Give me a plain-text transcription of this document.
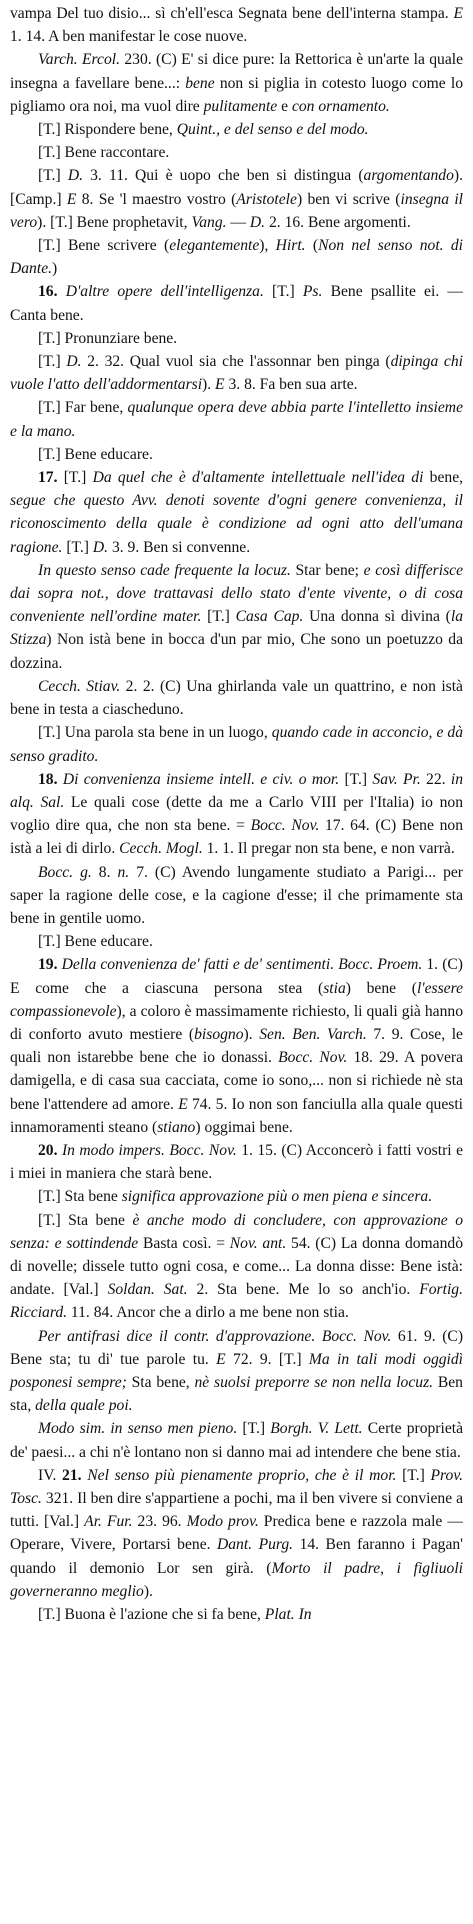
vampa Del tuo disio... sì ch'ell'esca Segnata bene dell'interna stampa. E 1. 14. A ben manifestar le cose nuove.

Varch. Ercol. 230. (C) E' si dice pure: la Rettorica è un'arte la quale insegna a favellare bene...: bene non si piglia in cotesto luogo come lo pigliamo ora noi, ma vuol dire pulitamente e con ornamento.

[T.] Rispondere bene, Quint., e del senso e del modo.

[T.] Bene raccontare.

[T.] D. 3. 11. Qui è uopo che ben si distingua (argomentando). [Camp.] E 8. Se 'l maestro vostro (Aristotele) ben vi scrive (insegna il vero). [T.] Bene prophetavit, Vang. — D. 2. 16. Bene argomenti.

[T.] Bene scrivere (elegantemente), Hirt. (Non nel senso not. di Dante.)

16. D'altre opere dell'intelligenza. [T.] Ps. Bene psallite ei. — Canta bene.

[T.] Pronunziare bene.

[T.] D. 2. 32. Qual vuol sia che l'assonnar ben pinga (dipinga chi vuole l'atto dell'addormentarsi). E 3. 8. Fa ben sua arte.

[T.] Far bene, qualunque opera deve abbia parte l'intelletto insieme e la mano.

[T.] Bene educare.

17. [T.] Da quel che è d'altamente intellettuale nell'idea di bene, segue che questo Avv. denoti sovente d'ogni genere convenienza, il riconoscimento della quale è condizione ad ogni atto dell'umana ragione. [T.] D. 3. 9. Ben si convenne.

In questo senso cade frequente la locuz. Star bene; e così differisce dai sopra not., dove trattavasi dello stato d'ente vivente, o di cosa conveniente nell'ordine mater. [T.] Casa Cap. Una donna sì divina (la Stizza) Non istà bene in bocca d'un par mio, Che sono un poetuzzo da dozzina.

Cecch. Stiav. 2. 2. (C) Una ghirlanda vale un quattrino, e non istà bene in testa a ciascheduno.

[T.] Una parola sta bene in un luogo, quando cade in acconcio, e dà senso gradito.

18. Di convenienza insieme intell. e civ. o mor. [T.] Sav. Pr. 22. in alq. Sal. Le quali cose (dette da me a Carlo VIII per l'Italia) io non voglio dire qua, che non sta bene. = Bocc. Nov. 17. 64. (C) Bene non istà a lei di dirlo. Cecch. Mogl. 1. 1. Il pregar non sta bene, e non varrà.

Bocc. g. 8. n. 7. (C) Avendo lungamente studiato a Parigi... per saper la ragione delle cose, e la cagione d'esse; il che primamente sta bene in gentile uomo.

[T.] Bene educare.

19. Della convenienza de' fatti e de' sentimenti. Bocc. Proem. 1. (C) E come che a ciascuna persona stea (stia) bene (l'essere compassionevole), a coloro è massimamente richiesto, li quali già hanno di conforto avuto mestiere (bisogno). Sen. Ben. Varch. 7. 9. Cose, le quali non istarebbe bene che io donassi. Bocc. Nov. 18. 29. A povera damigella, e di casa sua cacciata, come io sono,... non si richiede nè sta bene l'attendere ad amore. E 74. 5. Io non son fanciulla alla quale questi innamoramenti steano (stiano) oggimai bene.

20. In modo impers. Bocc. Nov. 1. 15. (C) Acconcerò i fatti vostri e i miei in maniera che starà bene.

[T.] Sta bene significa approvazione più o men piena e sincera.

[T.] Sta bene è anche modo di concludere, con approvazione o senza: e sottindende Basta così. = Nov. ant. 54. (C) La donna domandò di novelle; dissele tutto ogni cosa, e come... La donna disse: Bene istà: andate. [Val.] Soldan. Sat. 2. Sta bene. Me lo so anch'io. Fortig. Ricciard. 11. 84. Ancor che a dirlo a me bene non stia.

Per antifrasi dice il contr. d'approvazione. Bocc. Nov. 61. 9. (C) Bene sta; tu di' tue parole tu. E 72. 9. [T.] Ma in tali modi oggidì posponesi sempre; Sta bene, nè suolsi preporre se non nella locuz. Ben sta, della quale poi.

Modo sim. in senso men pieno. [T.] Borgh. V. Lett. Certe proprietà de' paesi... a chi n'è lontano non si danno mai ad intendere che bene stia.

IV. 21. Nel senso più pienamente proprio, che è il mor. [T.] Prov. Tosc. 321. Il ben dire s'appartiene a pochi, ma il ben vivere si conviene a tutti. [Val.] Ar. Fur. 23. 96. Modo prov. Predica bene e razzola male — Operare, Vivere, Portarsi bene. Dant. Purg. 14. Ben faranno i Pagan' quando il demonio Lor sen girà. (Morto il padre, i figliuoli governeranno meglio).

[T.] Buona è l'azione che si fa bene, Plat. In
